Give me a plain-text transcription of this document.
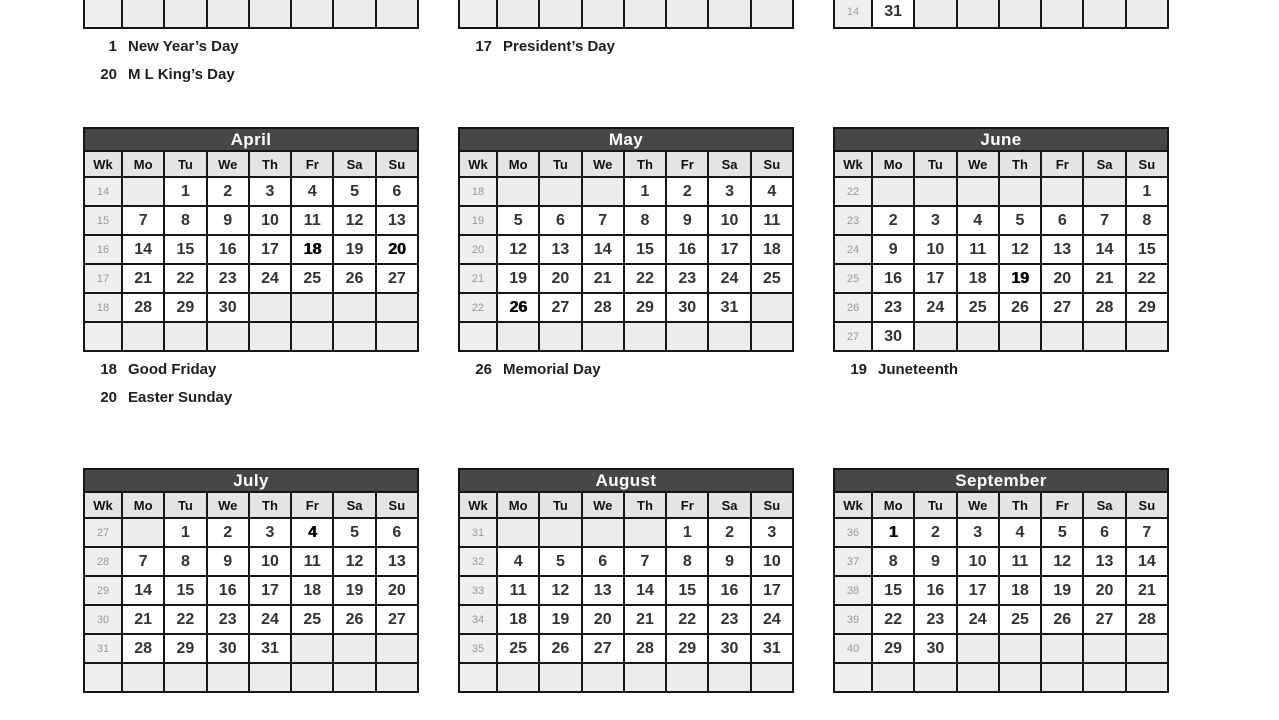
1 New Year’s Day
20 M L King’s Day

17 President’s Day
14	31						
April							
Wk	Mo	Tu	We	Th	Fr	Sa	Su
14		1	2	3	4	5	6
15	7	8	9	10	11	12	13
16	14	15	16	17	18	19	20
17	21	22	23	24	25	26	27
18	28	29	30				

18 Good Friday
20 Easter Sunday
May							
Wk	Mo	Tu	We	Th	Fr	Sa	Su
18				1	2	3	4
19	5	6	7	8	9	10	11
20	12	13	14	15	16	17	18
21	19	20	21	22	23	24	25
22	26	27	28	29	30	31	

26 Memorial Day
June							
Wk	Mo	Tu	We	Th	Fr	Sa	Su
22							1
23	2	3	4	5	6	7	8
24	9	10	11	12	13	14	15
25	16	17	18	19	20	21	22
26	23	24	25	26	27	28	29
27	30						
19 Juneteenth
July							
Wk	Mo	Tu	We	Th	Fr	Sa	Su
27		1	2	3	4	5	6
28	7	8	9	10	11	12	13
29	14	15	16	17	18	19	20
30	21	22	23	24	25	26	27
31	28	29	30	31			

August							
Wk	Mo	Tu	We	Th	Fr	Sa	Su
31					1	2	3
32	4	5	6	7	8	9	10
33	11	12	13	14	15	16	17
34	18	19	20	21	22	23	24
35	25	26	27	28	29	30	31

September							
Wk	Mo	Tu	We	Th	Fr	Sa	Su
36	1	2	3	4	5	6	7
37	8	9	10	11	12	13	14
38	15	16	17	18	19	20	21
39	22	23	24	25	26	27	28
40	29	30					
